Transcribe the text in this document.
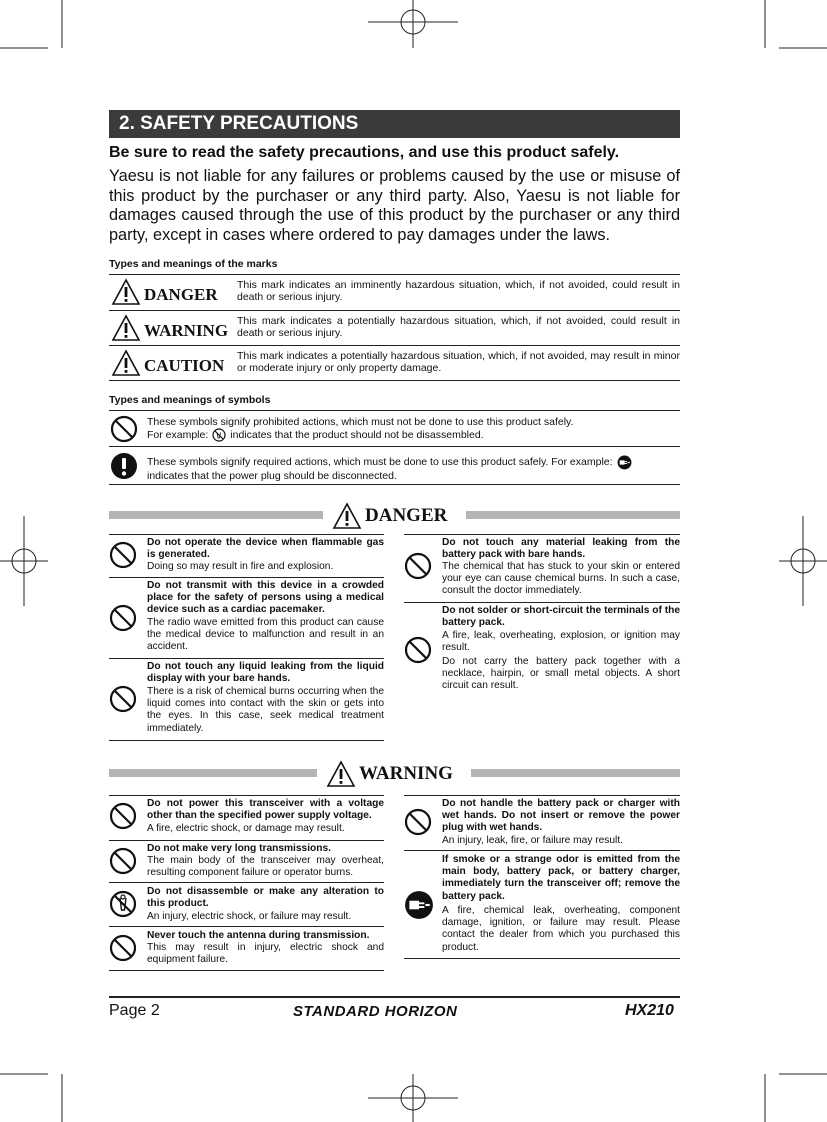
2. SAFETY PRECAUTIONS
Be sure to read the safety precautions, and use this product safely.
Yaesu is not liable for any failures or problems caused by the use or misuse of this product by the purchaser or any third party. Also, Yaesu is not liable for damages caused through the use of this product by the purchaser or any third party, except in cases where ordered to pay damages under the laws.
Types and meanings of the marks
DANGER This mark indicates an imminently hazardous situation, which, if not avoided, could result in death or serious injury.
WARNING This mark indicates a potentially hazardous situation, which, if not avoided, could result in death or serious injury.
CAUTION This mark indicates a potentially hazardous situation, which, if not avoided, may result in minor or moderate injury or only property damage.
Types and meanings of symbols
These symbols signify prohibited actions, which must not be done to use this product safely.
For example: indicates that the product should not be disassembled.
These symbols signify required actions, which must be done to use this product safely. For example:
indicates that the power plug should be disconnected.
DANGER
Do not operate the device when flammable gas is generated.
Doing so may result in fire and explosion.
Do not transmit with this device in a crowded place for the safety of persons using a medical device such as a cardiac pacemaker.
The radio wave emitted from this product can cause the medical device to malfunction and result in an accident.
Do not touch any liquid leaking from the liquid display with your bare hands.
There is a risk of chemical burns occurring when the liquid comes into contact with the skin or gets into the eyes. In this case, seek medical treatment immediately.
Do not touch any material leaking from the battery pack with bare hands.
The chemical that has stuck to your skin or entered your eye can cause chemical burns. In such a case, consult the doctor immediately.
Do not solder or short-circuit the terminals of the battery pack.
A fire, leak, overheating, explosion, or ignition may result.
Do not carry the battery pack together with a necklace, hairpin, or small metal objects. A short circuit can result.
WARNING
Do not power this transceiver with a voltage other than the specified power supply voltage.
A fire, electric shock, or damage may result.
Do not make very long transmissions.
The main body of the transceiver may overheat, resulting component failure or operator burns.
Do not disassemble or make any alteration to this product.
An injury, electric shock, or failure may result.
Never touch the antenna during transmission.
This may result in injury, electric shock and equipment failure.
Do not handle the battery pack or charger with wet hands. Do not insert or remove the power plug with wet hands.
An injury, leak, fire, or failure may result.
If smoke or a strange odor is emitted from the main body, battery pack, or battery charger, immediately turn the transceiver off; remove the battery pack.
A fire, chemical leak, overheating, component damage, ignition, or failure may result. Please contact the dealer from which you purchased this product.
Page 2	STANDARD HORIZON	HX210
